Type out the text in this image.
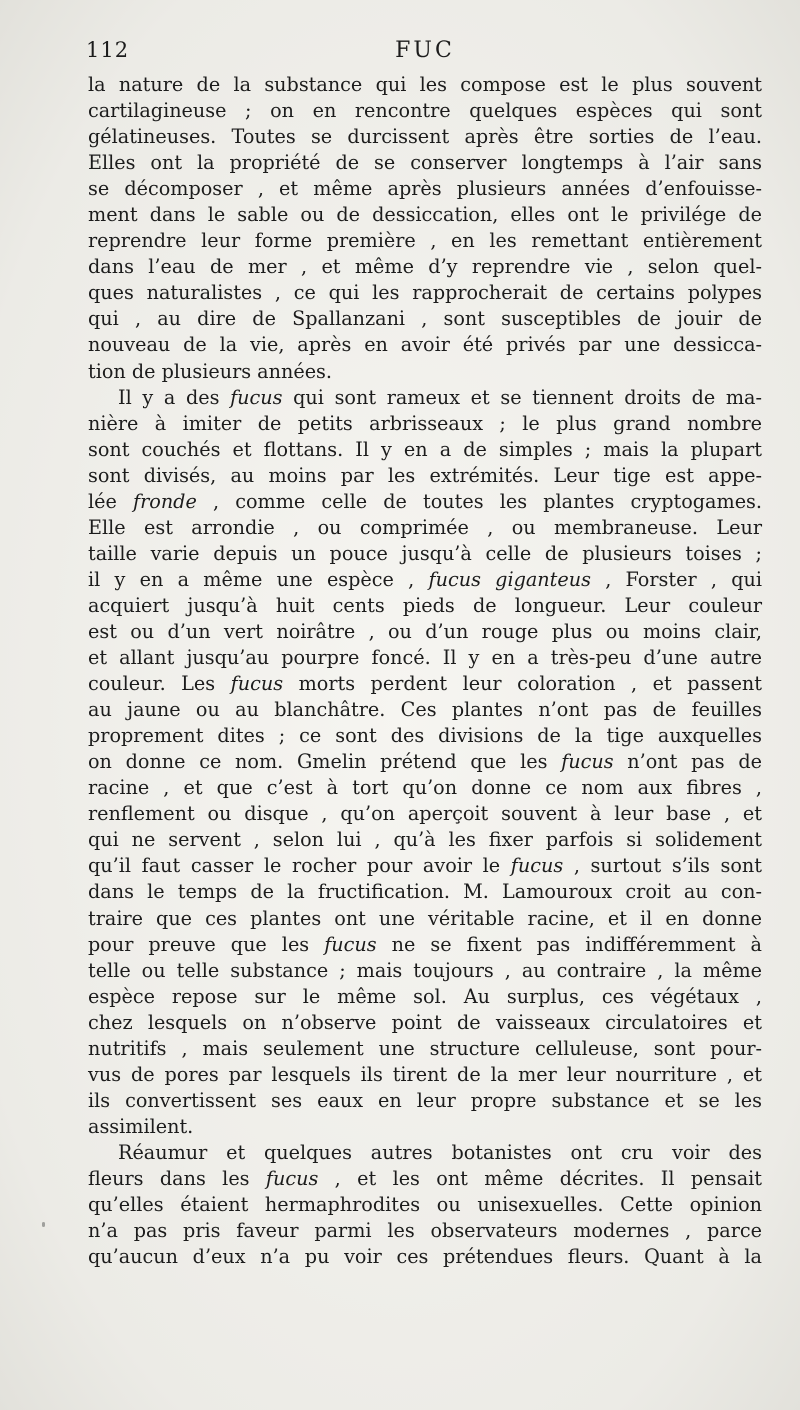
112	FUC
la nature de la substance qui les compose est le plus souvent
cartilagineuse ; on en rencontre quelques espèces qui sont
gélatineuses. Toutes se durcissent après être sorties de l’eau.
Elles ont la propriété de se conserver longtemps à l’air sans
se décomposer , et même après plusieurs années d’enfouisse-
ment dans le sable ou de dessiccation, elles ont le privilége de
reprendre leur forme première , en les remettant entièrement
dans l’eau de mer , et même d’y reprendre vie , selon quel-
ques naturalistes , ce qui les rapprocherait de certains polypes
qui , au dire de Spallanzani , sont susceptibles de jouir de
nouveau de la vie, après en avoir été privés par une dessicca-
tion de plusieurs années.
Il y a des fucus qui sont rameux et se tiennent droits de ma-
nière à imiter de petits arbrisseaux ; le plus grand nombre
sont couchés et flottans. Il y en a de simples ; mais la plupart
sont divisés, au moins par les extrémités. Leur tige est appe-
lée fronde , comme celle de toutes les plantes cryptogames.
Elle est arrondie , ou comprimée , ou membraneuse. Leur
taille varie depuis un pouce jusqu’à celle de plusieurs toises ;
il y en a même une espèce , fucus giganteus , Forster , qui
acquiert jusqu’à huit cents pieds de longueur. Leur couleur
est ou d’un vert noirâtre , ou d’un rouge plus ou moins clair,
et allant jusqu’au pourpre foncé. Il y en a très-peu d’une autre
couleur. Les fucus morts perdent leur coloration , et passent
au jaune ou au blanchâtre. Ces plantes n’ont pas de feuilles
proprement dites ; ce sont des divisions de la tige auxquelles
on donne ce nom. Gmelin prétend que les fucus n’ont pas de
racine , et que c’est à tort qu’on donne ce nom aux fibres ,
renflement ou disque , qu’on aperçoit souvent à leur base , et
qui ne servent , selon lui , qu’à les fixer parfois si solidement
qu’il faut casser le rocher pour avoir le fucus , surtout s’ils sont
dans le temps de la fructification. M. Lamouroux croit au con-
traire que ces plantes ont une véritable racine, et il en donne
pour preuve que les fucus ne se fixent pas indifféremment à
telle ou telle substance ; mais toujours , au contraire , la même
espèce repose sur le même sol. Au surplus, ces végétaux ,
chez lesquels on n’observe point de vaisseaux circulatoires et
nutritifs , mais seulement une structure celluleuse, sont pour-
vus de pores par lesquels ils tirent de la mer leur nourriture , et
ils convertissent ses eaux en leur propre substance et se les
assimilent.
Réaumur et quelques autres botanistes ont cru voir des
fleurs dans les fucus , et les ont même décrites. Il pensait
qu’elles étaient hermaphrodites ou unisexuelles. Cette opinion
n’a pas pris faveur parmi les observateurs modernes , parce
qu’aucun d’eux n’a pu voir ces prétendues fleurs. Quant à la
